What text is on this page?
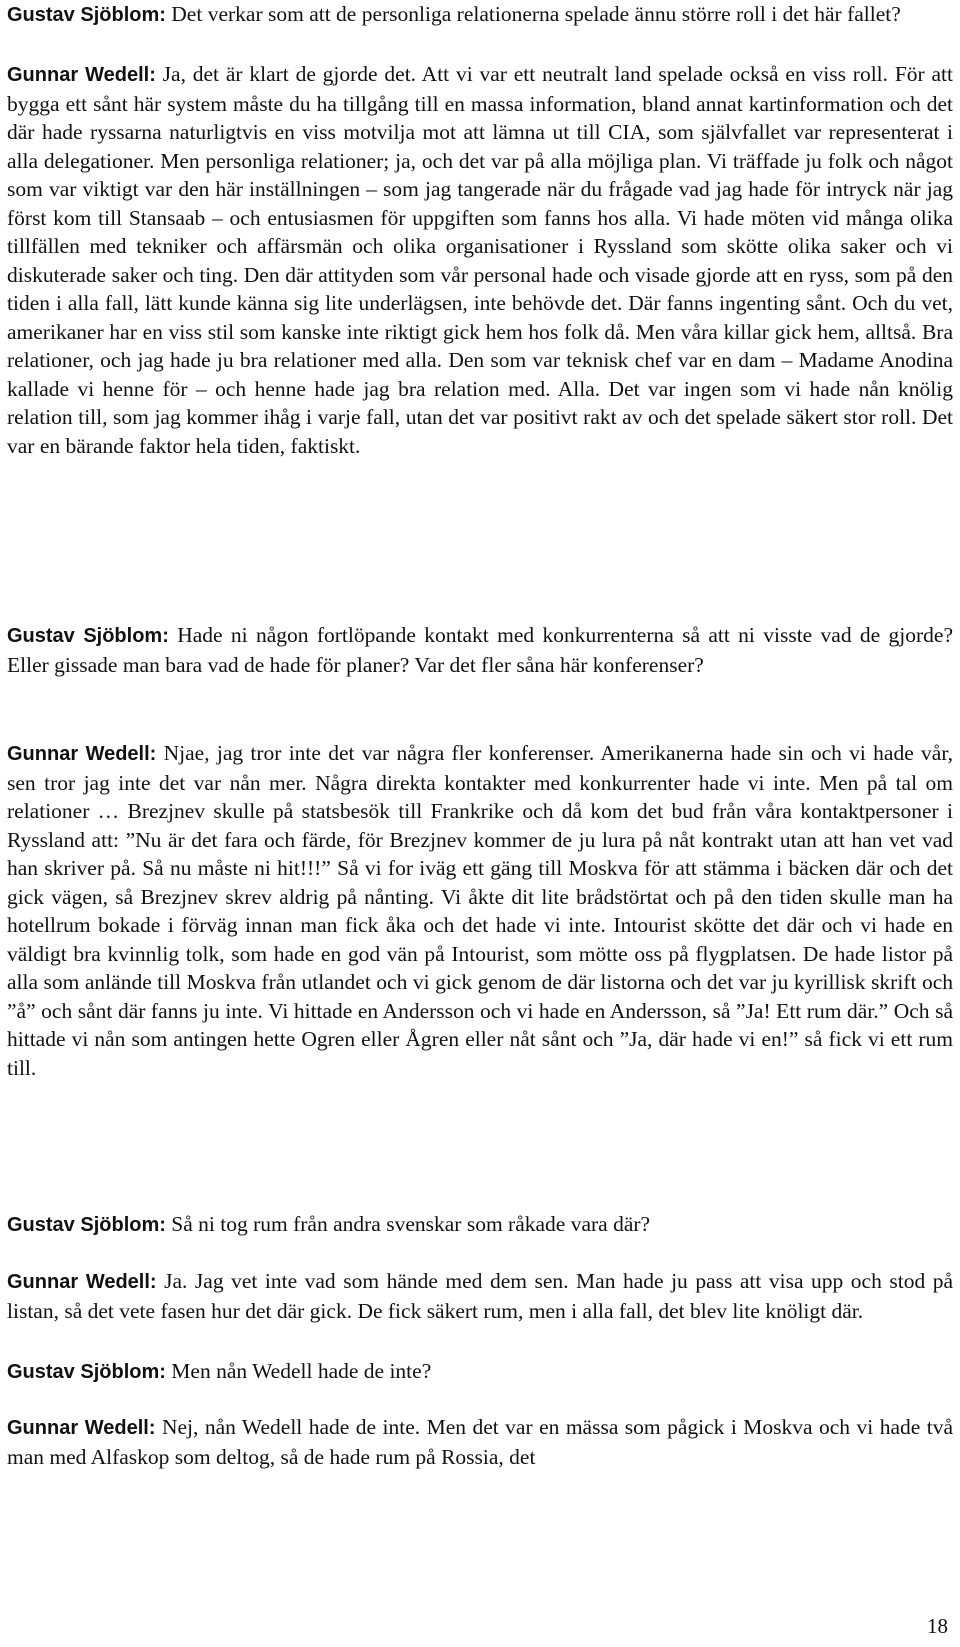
Gustav Sjöblom: Det verkar som att de personliga relationerna spelade ännu större roll i det här fallet?

Gunnar Wedell: Ja, det är klart de gjorde det. Att vi var ett neutralt land spelade också en viss roll. För att bygga ett sånt här system måste du ha tillgång till en massa information, bland annat kartinformation och det där hade ryssarna naturligtvis en viss motvilja mot att lämna ut till CIA, som självfallet var representerat i alla delegationer. Men personliga relationer; ja, och det var på alla möjliga plan. Vi träffade ju folk och något som var viktigt var den här inställningen – som jag tangerade när du frågade vad jag hade för intryck när jag först kom till Stansaab – och entusiasmen för uppgiften som fanns hos alla. Vi hade möten vid många olika tillfällen med tekniker och affärsmän och olika organisationer i Ryssland som skötte olika saker och vi diskuterade saker och ting. Den där attityden som vår personal hade och visade gjorde att en ryss, som på den tiden i alla fall, lätt kunde känna sig lite underlägsen, inte behövde det. Där fanns ingenting sånt. Och du vet, amerikaner har en viss stil som kanske inte riktigt gick hem hos folk då. Men våra killar gick hem, alltså. Bra relationer, och jag hade ju bra relationer med alla. Den som var teknisk chef var en dam – Madame Anodina kallade vi henne för – och henne hade jag bra relation med. Alla. Det var ingen som vi hade nån knölig relation till, som jag kommer ihåg i varje fall, utan det var positivt rakt av och det spelade säkert stor roll. Det var en bärande faktor hela tiden, faktiskt.

Gustav Sjöblom: Hade ni någon fortlöpande kontakt med konkurrenterna så att ni visste vad de gjorde? Eller gissade man bara vad de hade för planer? Var det fler såna här konferenser?

Gunnar Wedell: Njae, jag tror inte det var några fler konferenser. Amerikanerna hade sin och vi hade vår, sen tror jag inte det var nån mer. Några direkta kontakter med konkurrenter hade vi inte. Men på tal om relationer … Brezjnev skulle på statsbesök till Frankrike och då kom det bud från våra kontaktpersoner i Ryssland att: ”Nu är det fara och färde, för Brezjnev kommer de ju lura på nåt kontrakt utan att han vet vad han skriver på. Så nu måste ni hit!!!” Så vi for iväg ett gäng till Moskva för att stämma i bäcken där och det gick vägen, så Brezjnev skrev aldrig på nånting. Vi åkte dit lite brådstörtat och på den tiden skulle man ha hotellrum bokade i förväg innan man fick åka och det hade vi inte. Intourist skötte det där och vi hade en väldigt bra kvinnlig tolk, som hade en god vän på Intourist, som mötte oss på flygplatsen. De hade listor på alla som anlände till Moskva från utlandet och vi gick genom de där listorna och det var ju kyrillisk skrift och ”å” och sånt där fanns ju inte. Vi hittade en Andersson och vi hade en Andersson, så ”Ja! Ett rum där.” Och så hittade vi nån som antingen hette Ogren eller Ågren eller nåt sånt och ”Ja, där hade vi en!” så fick vi ett rum till.

Gustav Sjöblom: Så ni tog rum från andra svenskar som råkade vara där?

Gunnar Wedell: Ja. Jag vet inte vad som hände med dem sen. Man hade ju pass att visa upp och stod på listan, så det vete fasen hur det där gick. De fick säkert rum, men i alla fall, det blev lite knöligt där.

Gustav Sjöblom: Men nån Wedell hade de inte?

Gunnar Wedell: Nej, nån Wedell hade de inte. Men det var en mässa som pågick i Moskva och vi hade två man med Alfaskop som deltog, så de hade rum på Rossia, det

18
